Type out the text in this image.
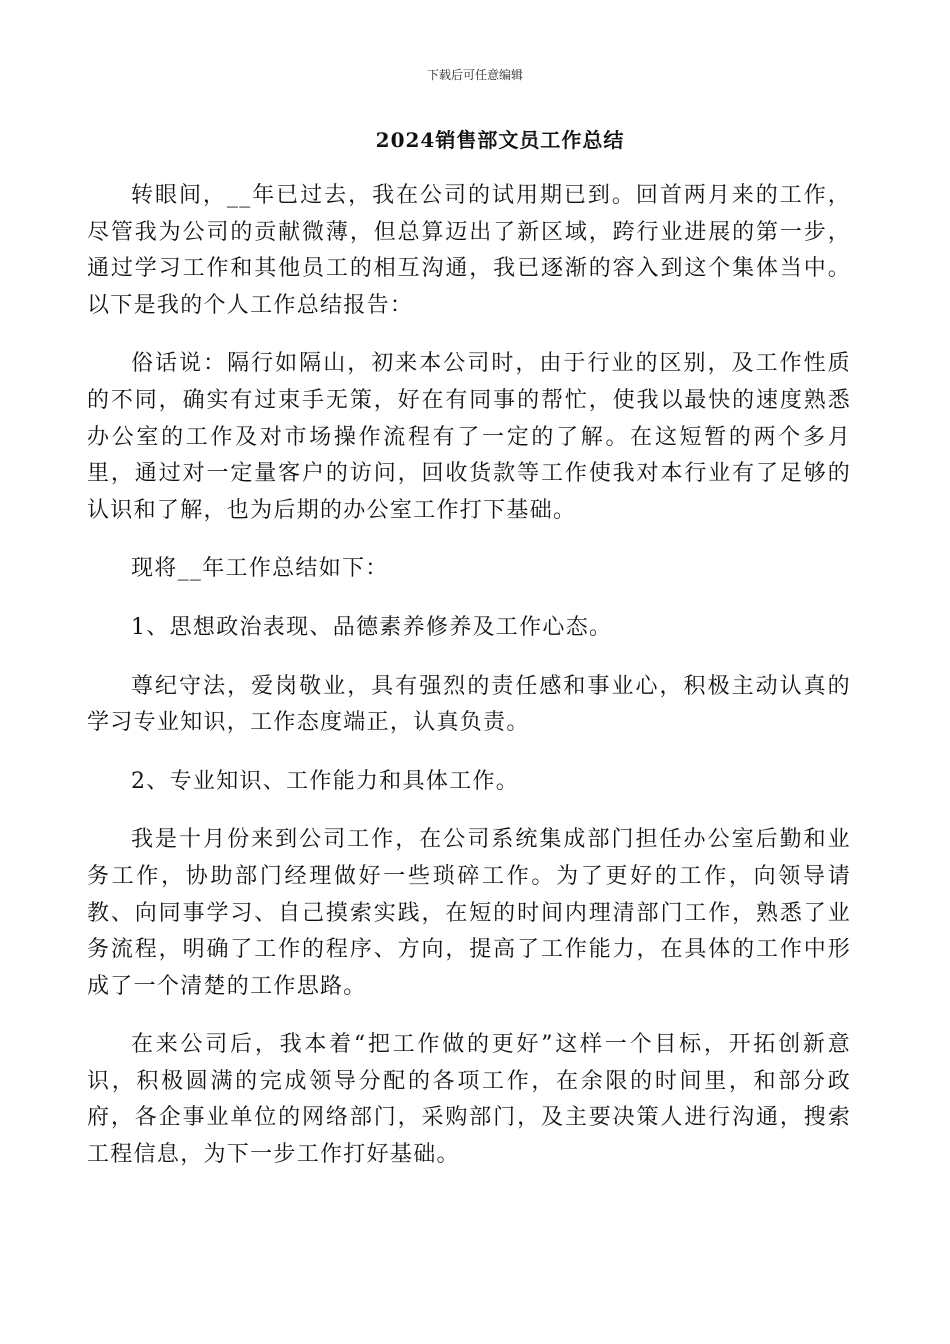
下载后可任意编辑
2024销售部文员工作总结

转眼间，__年已过去，我在公司的试用期已到。回首两月来的工作，尽管我为公司的贡献微薄，但总算迈出了新区域，跨行业进展的第一步，通过学习工作和其他员工的相互沟通，我已逐渐的容入到这个集体当中。以下是我的个人工作总结报告：

俗话说：隔行如隔山，初来本公司时，由于行业的区别，及工作性质的不同，确实有过束手无策，好在有同事的帮忙，使我以最快的速度熟悉办公室的工作及对市场操作流程有了一定的了解。在这短暂的两个多月里，通过对一定量客户的访问，回收货款等工作使我对本行业有了足够的认识和了解，也为后期的办公室工作打下基础。

现将__年工作总结如下：

1、思想政治表现、品德素养修养及工作心态。

尊纪守法，爱岗敬业，具有强烈的责任感和事业心，积极主动认真的学习专业知识，工作态度端正，认真负责。

2、专业知识、工作能力和具体工作。

我是十月份来到公司工作，在公司系统集成部门担任办公室后勤和业务工作，协助部门经理做好一些琐碎工作。为了更好的工作，向领导请教、向同事学习、自己摸索实践，在短的时间内理清部门工作，熟悉了业务流程，明确了工作的程序、方向，提高了工作能力，在具体的工作中形成了一个清楚的工作思路。

在来公司后，我本着“把工作做的更好”这样一个目标，开拓创新意识，积极圆满的完成领导分配的各项工作，在余限的时间里，和部分政府，各企事业单位的网络部门，采购部门，及主要决策人进行沟通，搜索工程信息，为下一步工作打好基础。
